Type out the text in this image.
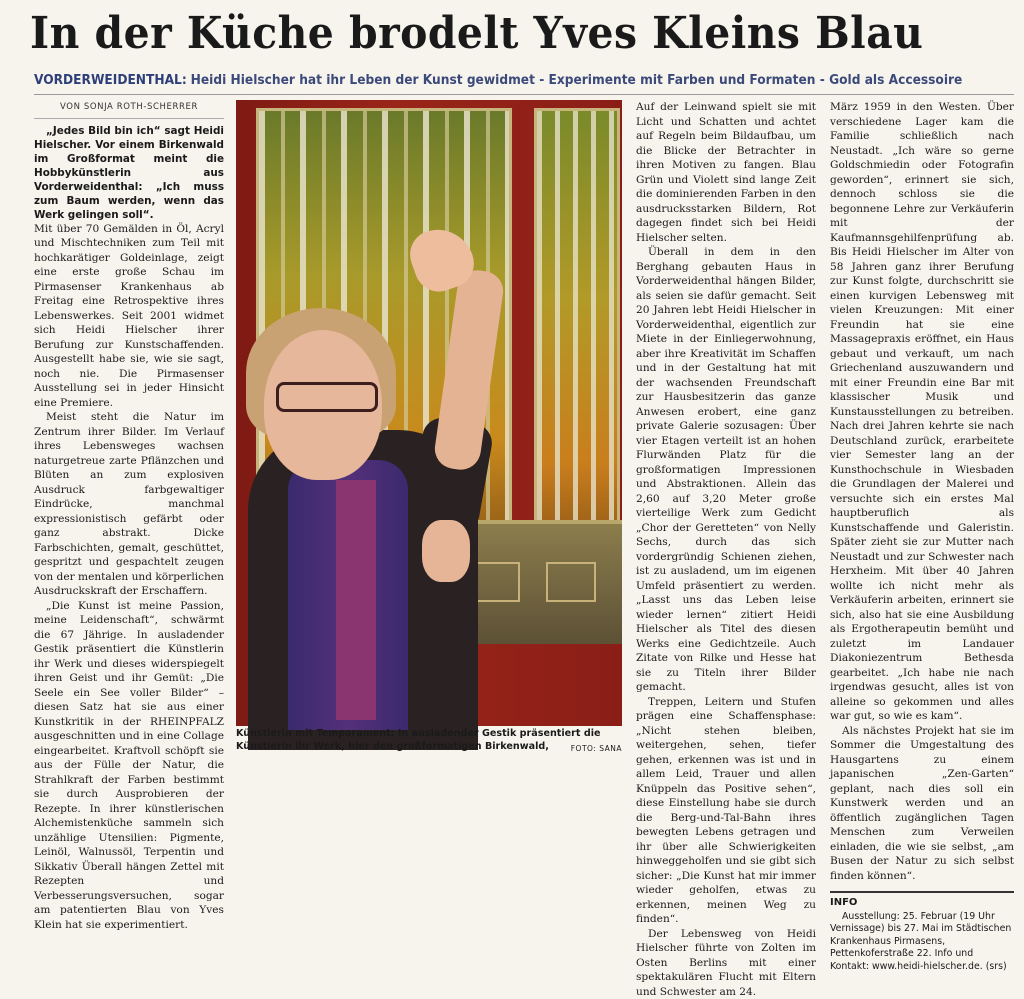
In der Küche brodelt Yves Kleins Blau
VORDERWEIDENTHAL: Heidi Hielscher hat ihr Leben der Kunst gewidmet - Experimente mit Farben und Formaten - Gold als Accessoire
VON SONJA ROTH-SCHERRER

„Jedes Bild bin ich“ sagt Heidi Hielscher. Vor einem Birkenwald im Großformat meint die Hobbykünstlerin aus Vorderweidenthal: „Ich muss zum Baum werden, wenn das Werk gelingen soll“.

Mit über 70 Gemälden in Öl, Acryl und Mischtechniken zum Teil mit hochkarätiger Goldeinlage, zeigt eine erste große Schau im Pirmasenser Krankenhaus ab Freitag eine Retrospektive ihres Lebenswerkes. Seit 2001 widmet sich Heidi Hielscher ihrer Berufung zur Kunstschaffenden. Ausgestellt habe sie, wie sie sagt, noch nie. Die Pirmasenser Ausstellung sei in jeder Hinsicht eine Premiere.

Meist steht die Natur im Zentrum ihrer Bilder. Im Verlauf ihres Lebensweges wachsen naturgetreue zarte Pflänzchen und Blüten an zum explosiven Ausdruck farbgewaltiger Eindrücke, manchmal expressionistisch gefärbt oder ganz abstrakt. Dicke Farbschichten, gemalt, geschüttet, gespritzt und gespachtelt zeugen von der mentalen und körperlichen Ausdruckskraft der Erschaffern.

„Die Kunst ist meine Passion, meine Leidenschaft“, schwärmt die 67 Jährige. In ausladender Gestik präsentiert die Künstlerin ihr Werk und dieses widerspiegelt ihren Geist und ihr Gemüt: „Die Seele ein See voller Bilder“ – diesen Satz hat sie aus einer Kunstkritik in der RHEINPFALZ ausgeschnitten und in eine Collage eingearbeitet. Kraftvoll schöpft sie aus der Fülle der Natur, die Strahlkraft der Farben bestimmt sie durch Ausprobieren der Rezepte. In ihrer künstlerischen Alchemistenküche sammeln sich unzählige Utensilien: Pigmente, Leinöl, Walnussöl, Terpentin und Sikkativ Überall hängen Zettel mit Rezepten und Verbesserungsversuchen, sogar am patentierten Blau von Yves Klein hat sie experimentiert.

Künstlerin mit Temparament: In ausladender Gestik präsentiert die Künstlerin ihr Werk, hier den großformatigen Birkenwald,	FOTO: SANA

Auf der Leinwand spielt sie mit Licht und Schatten und achtet auf Regeln beim Bildaufbau, um die Blicke der Betrachter in ihren Motiven zu fangen. Blau Grün und Violett sind lange Zeit die dominierenden Farben in den ausdrucksstarken Bildern, Rot dagegen findet sich bei Heidi Hielscher selten.

Überall in dem in den Berghang gebauten Haus in Vorderweidenthal hängen Bilder, als seien sie dafür gemacht. Seit 20 Jahren lebt Heidi Hielscher in Vorderweidenthal, eigentlich zur Miete in der Einliegerwohnung, aber ihre Kreativität im Schaffen und in der Gestaltung hat mit der wachsenden Freundschaft zur Hausbesitzerin das ganze Anwesen erobert, eine ganz private Galerie sozusagen: Über vier Etagen verteilt ist an hohen Flurwänden Platz für die großformatigen Impressionen und Abstraktionen. Allein das 2,60 auf 3,20 Meter große vierteilige Werk zum Gedicht „Chor der Geretteten“ von Nelly Sechs, durch das sich vordergründig Schienen ziehen, ist zu ausladend, um im eigenen Umfeld präsentiert zu werden. „Lasst uns das Leben leise wieder lernen“ zitiert Heidi Hielscher als Titel des diesen Werks eine Gedichtzeile. Auch Zitate von Rilke und Hesse hat sie zu Titeln ihrer Bilder gemacht.

Treppen, Leitern und Stufen prägen eine Schaffensphase: „Nicht stehen bleiben, weitergehen, sehen, tiefer gehen, erkennen was ist und in allem Leid, Trauer und allen Knüppeln das Positive sehen“, diese Einstellung habe sie durch die Berg-und-Tal-Bahn ihres bewegten Lebens getragen und ihr über alle Schwierigkeiten hinweggeholfen und sie gibt sich sicher: „Die Kunst hat mir immer wieder geholfen, etwas zu erkennen, meinen Weg zu finden“.

Der Lebensweg von Heidi Hielscher führte von Zolten im Osten Berlins mit einer spektakulären Flucht mit Eltern und Schwester am 24.

März 1959 in den Westen. Über verschiedene Lager kam die Familie schließlich nach Neustadt. „Ich wäre so gerne Goldschmiedin oder Fotografin geworden“, erinnert sie sich, dennoch schloss sie die begonnene Lehre zur Verkäuferin mit der Kaufmannsgehilfenprüfung ab. Bis Heidi Hielscher im Alter von 58 Jahren ganz ihrer Berufung zur Kunst folgte, durchschritt sie einen kurvigen Lebensweg mit vielen Kreuzungen: Mit einer Freundin hat sie eine Massagepraxis eröffnet, ein Haus gebaut und verkauft, um nach Griechenland auszuwandern und mit einer Freundin eine Bar mit klassischer Musik und Kunstausstellungen zu betreiben. Nach drei Jahren kehrte sie nach Deutschland zurück, erarbeitete vier Semester lang an der Kunsthochschule in Wiesbaden die Grundlagen der Malerei und versuchte sich ein erstes Mal hauptberuflich als Kunstschaffende und Galeristin. Später zieht sie zur Mutter nach Neustadt und zur Schwester nach Herxheim. Mit über 40 Jahren wollte ich nicht mehr als Verkäuferin arbeiten, erinnert sie sich, also hat sie eine Ausbildung als Ergotherapeutin bemüht und zuletzt im Landauer Diakoniezentrum Bethesda gearbeitet. „Ich habe nie nach irgendwas gesucht, alles ist von alleine so gekommen und alles war gut, so wie es kam“.

Als nächstes Projekt hat sie im Sommer die Umgestaltung des Hausgartens zu einem japanischen „Zen-Garten“ geplant, nach dies soll ein Kunstwerk werden und an öffentlich zugänglichen Tagen Menschen zum Verweilen einladen, die wie sie selbst, „am Busen der Natur zu sich selbst finden können“.

INFO

Ausstellung: 25. Februar (19 Uhr Vernissage) bis 27. Mai im Städtischen Krankenhaus Pirmasens, Pettenkoferstraße 22. Info und Kontakt: www.heidi-hielscher.de. (srs)
